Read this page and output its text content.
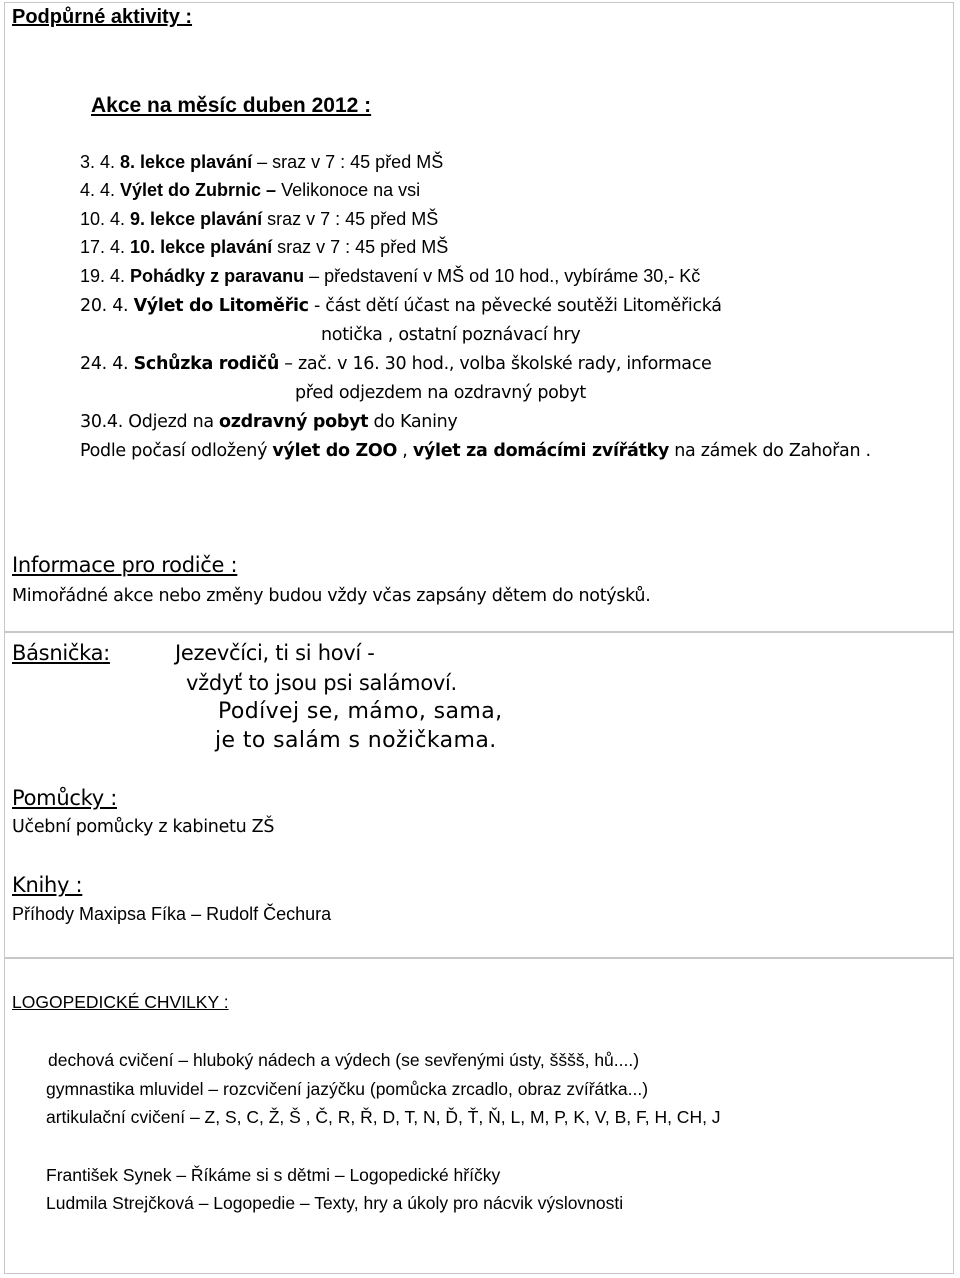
Podpůrné aktivity :
Akce na měsíc duben 2012 :
3. 4. 8. lekce plavání – sraz v 7 : 45 před MŠ
4. 4. Výlet do Zubrnic – Velikonoce na vsi
10. 4. 9. lekce plavání sraz v 7 : 45 před MŠ
17. 4. 10. lekce plavání sraz v 7 : 45 před MŠ
19. 4. Pohádky z paravanu – představení v MŠ od 10 hod., vybíráme 30,- Kč
20. 4. Výlet do Litoměřic - část dětí účast na pěvecké soutěži Litoměřická
notička , ostatní poznávací hry
24. 4. Schůzka rodičů – zač. v 16. 30 hod., volba školské rady, informace
před odjezdem na ozdravný pobyt
30.4. Odjezd na ozdravný pobyt do Kaniny
Podle počasí odložený výlet do ZOO , výlet za domácími zvířátky na zámek do Zahořan .
Informace pro rodiče :
Mimořádné akce nebo změny budou vždy včas zapsány dětem do notýsků.
Básnička:	Jezevčíci, ti si hoví -
vždyť to jsou psi salámoví.
Podívej se, mámo, sama,
je to salám s nožičkama.
Pomůcky :
Učební pomůcky z kabinetu ZŠ
Knihy :
Příhody Maxipsa Fíka – Rudolf Čechura
LOGOPEDICKÉ CHVILKY :
dechová cvičení – hluboký nádech a výdech (se sevřenými ústy, šššš, hů....)
gymnastika mluvidel – rozcvičení jazýčku (pomůcka zrcadlo, obraz zvířátka...)
artikulační cvičení – Z, S, C, Ž, Š , Č, R, Ř, D, T, N, Ď, Ť, Ň, L, M, P, K, V, B, F, H, CH, J
František Synek – Říkáme si s dětmi – Logopedické hříčky
Ludmila Strejčková – Logopedie – Texty, hry a úkoly pro nácvik výslovnosti
